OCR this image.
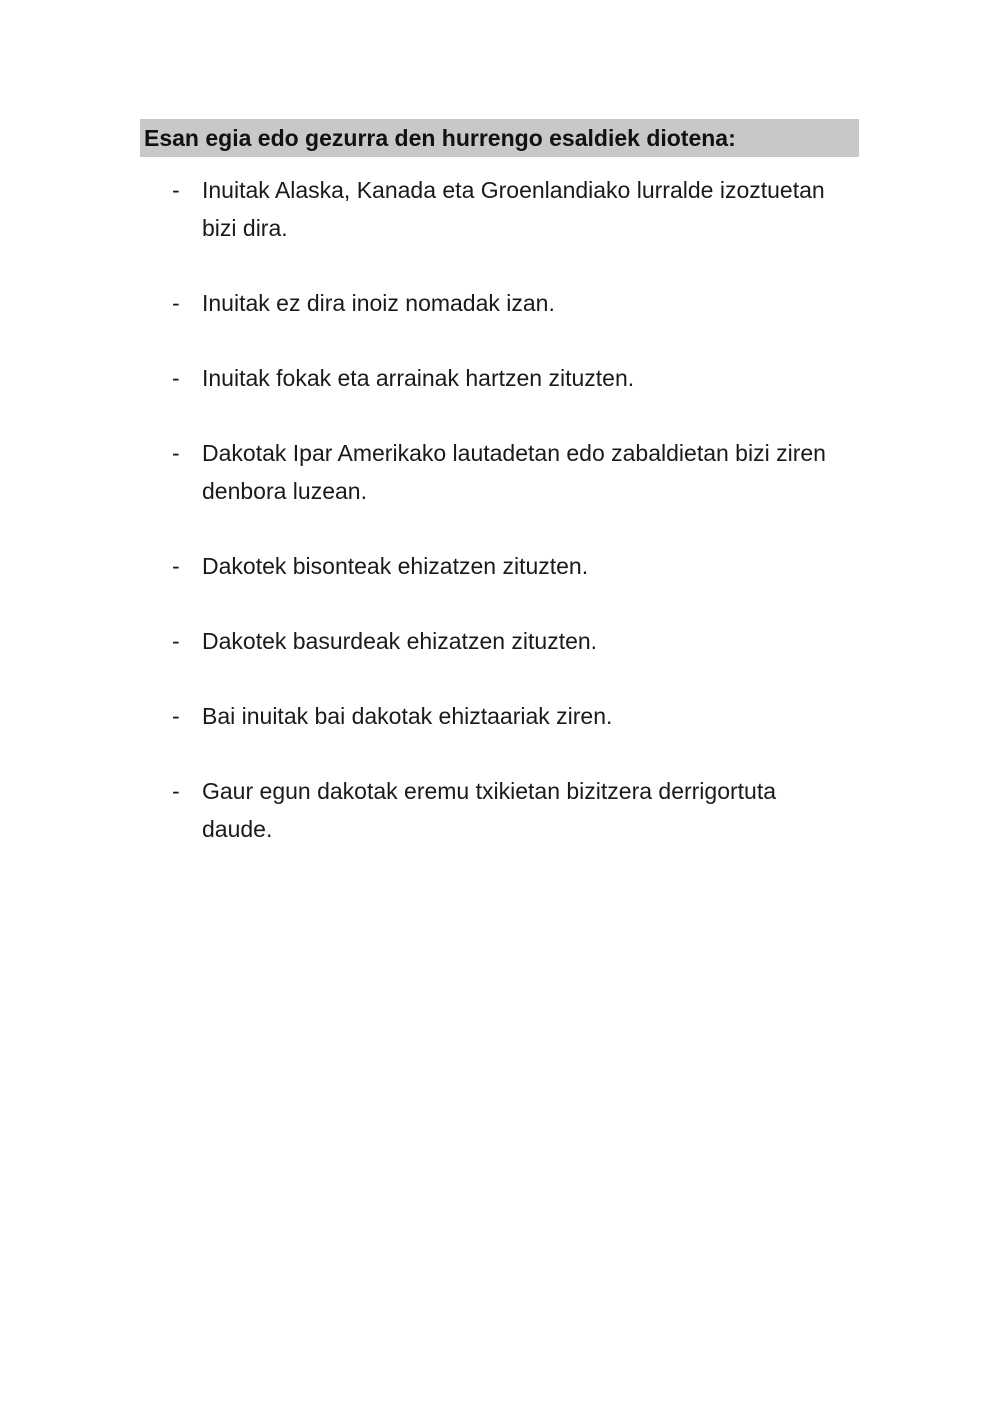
Esan egia edo gezurra den hurrengo esaldiek diotena:
- Inuitak Alaska, Kanada eta Groenlandiako lurralde izoztuetan bizi dira.
- Inuitak ez dira inoiz nomadak izan.
- Inuitak fokak eta arrainak hartzen zituzten.
- Dakotak Ipar Amerikako lautadetan edo zabaldietan bizi ziren denbora luzean.
- Dakotek bisonteak ehizatzen zituzten.
- Dakotek basurdeak ehizatzen zituzten.
- Bai inuitak bai dakotak ehiztaariak ziren.
- Gaur egun dakotak eremu txikietan bizitzera derrigortuta daude.
